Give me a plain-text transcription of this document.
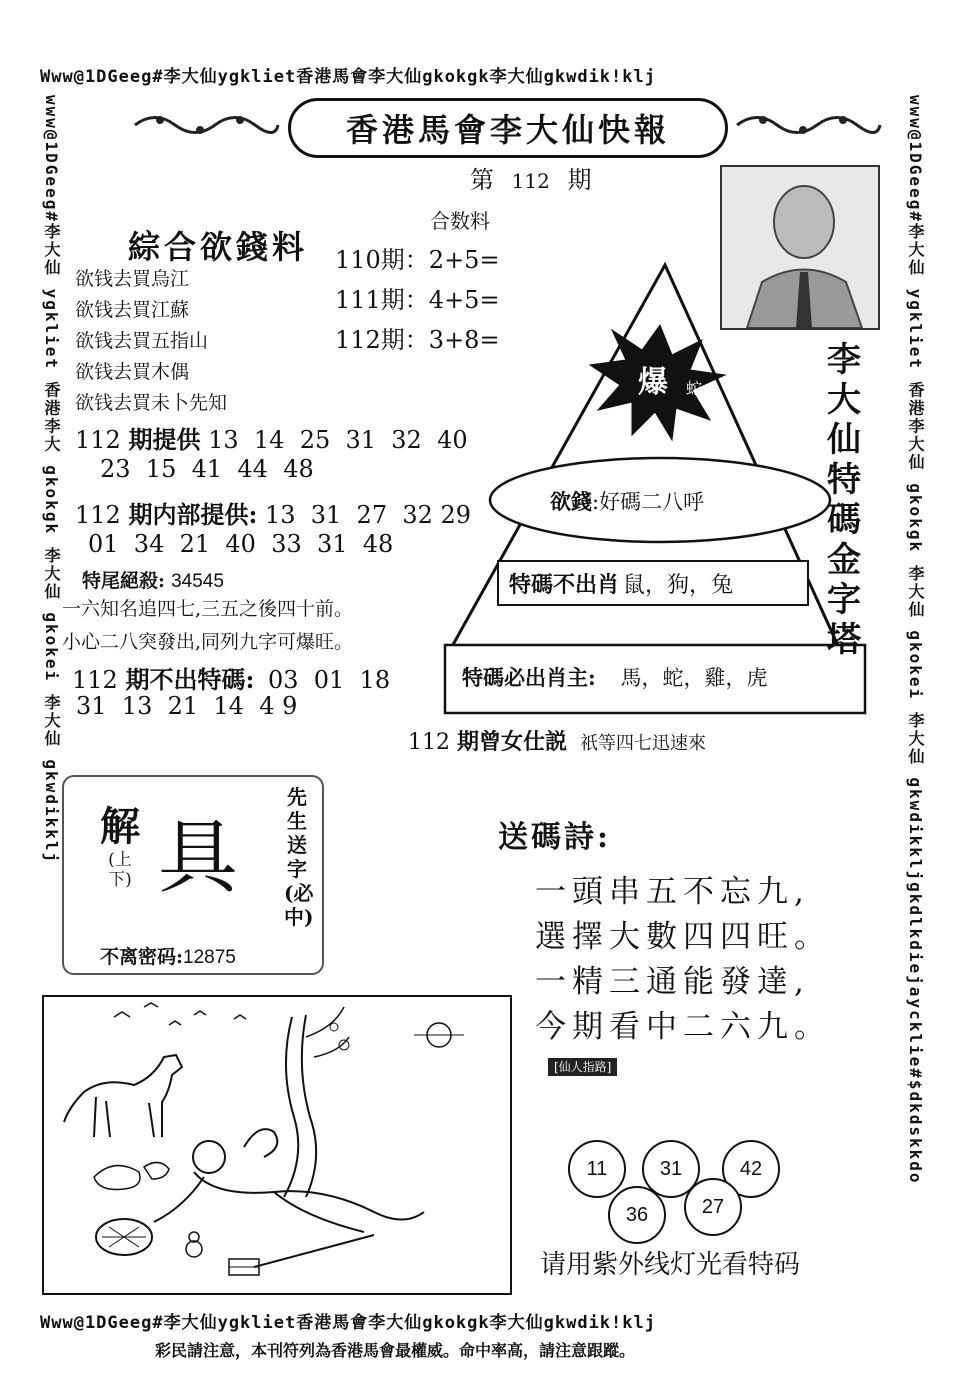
Www@1DGeeg#李大仙ygkliet香港馬會李大仙gkokgk李大仙gkwdik!klj
Www@1DGeeg#李大仙ygkliet香港馬會李大仙gkokgk李大仙gkwdik!klj
www@1DGeeg#李大仙 ygkliet 香港李大 gkokgk 李大仙 gkokei 李大仙 gkwdikklj	www@1DGeeg#李大仙 ygkliet 香港李大仙 gkokgk 李大仙 gkokei 李大仙 gkwdikkljgkdlkdiejaycklie#$dkdskkdo
香港馬會李大仙快報
第 112 期
綜合欲錢料
欲钱去買烏江
欲钱去買江蘇
欲钱去買五指山
欲钱去買木偶
欲钱去買未卜先知
合数料
110期：2+5=
111期：4+5=
112期：3+8=
112 期提供 13  14  25  31  32  40
23  15  41  44  48
112 期内部提供: 13  31  27  32 29
01  34  21  40  33  31  48
特尾絕殺: 34545
一六知名追四七,三五之後四十前。
小心二八突發出,同列九字可爆旺。
112 期不出特碼: 03  01  18
31  13  21  14  4 9
爆 蛇
欲錢:好碼二八呼
特碼不出肖 鼠，狗，兔
特碼必出肖主: 馬，蛇，雞，虎
李大仙特碼金字塔
112 期曾女仕説 祇等四七迅速來
解
(上下) 具
先生送字(必中)
不离密码:12875
送碼詩:
一頭串五不忘九,
選擇大數四四旺。
一精三通能發達,
今期看中二六九。
[仙人指路]
11	31	42
36	27
请用紫外线灯光看特码
彩民請注意，本刊符列為香港馬會最權威。命中率高，請注意跟蹤。
